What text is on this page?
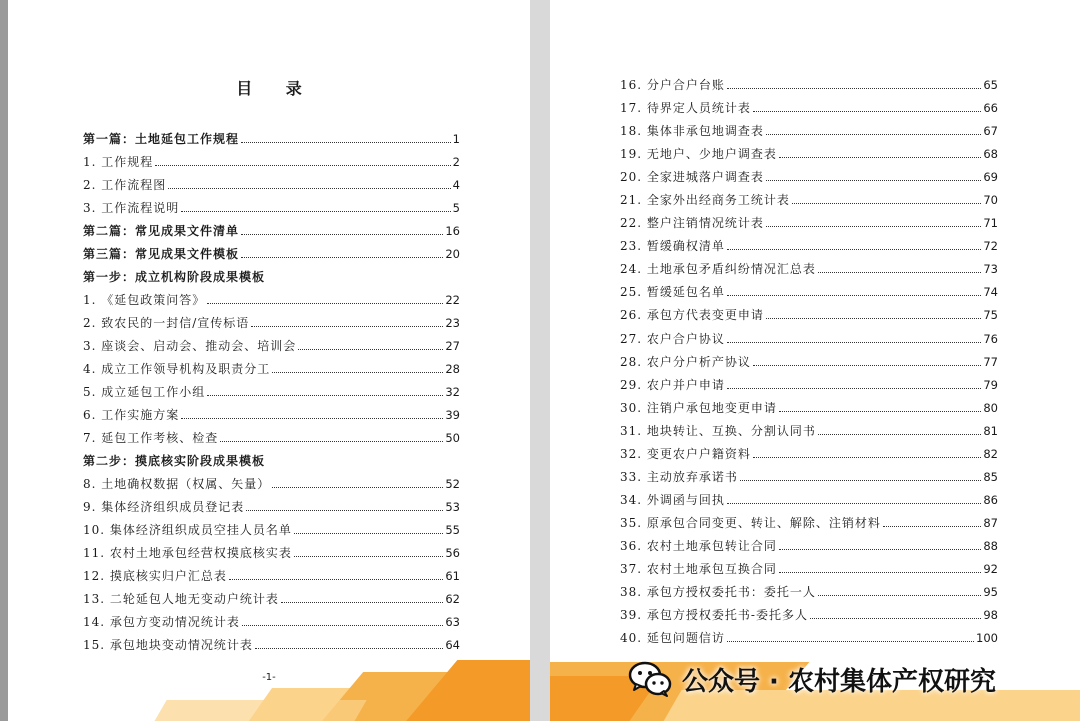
目 录
第一篇：土地延包工作规程	1
1. 工作规程	2
2. 工作流程图	4
3. 工作流程说明	5
第二篇：常见成果文件清单	16
第三篇：常见成果文件模板	20
第一步：成立机构阶段成果模板
1. 《延包政策问答》	22
2. 致农民的一封信/宣传标语	23
3. 座谈会、启动会、推动会、培训会	27
4. 成立工作领导机构及职责分工	28
5. 成立延包工作小组	32
6. 工作实施方案	39
7. 延包工作考核、检查	50
第二步：摸底核实阶段成果模板
8. 土地确权数据（权属、矢量）	52
9. 集体经济组织成员登记表	53
10. 集体经济组织成员空挂人员名单	55
11. 农村土地承包经营权摸底核实表	56
12. 摸底核实归户汇总表	61
13. 二轮延包人地无变动户统计表	62
14. 承包方变动情况统计表	63
15. 承包地块变动情况统计表	64
-1-
16. 分户合户台账	65
17. 待界定人员统计表	66
18. 集体非承包地调查表	67
19. 无地户、少地户调查表	68
20. 全家进城落户调查表	69
21. 全家外出经商务工统计表	70
22. 整户注销情况统计表	71
23. 暂缓确权清单	72
24. 土地承包矛盾纠纷情况汇总表	73
25. 暂缓延包名单	74
26. 承包方代表变更申请	75
27. 农户合户协议	76
28. 农户分户析产协议	77
29. 农户并户申请	79
30. 注销户承包地变更申请	80
31. 地块转让、互换、分割认同书	81
32. 变更农户户籍资料	82
33. 主动放弃承诺书	85
34. 外调函与回执	86
35. 原承包合同变更、转让、解除、注销材料	87
36. 农村土地承包转让合同	88
37. 农村土地承包互换合同	92
38. 承包方授权委托书：委托一人	95
39. 承包方授权委托书-委托多人	98
40. 延包问题信访	100
公众号 · 农村集体产权研究
